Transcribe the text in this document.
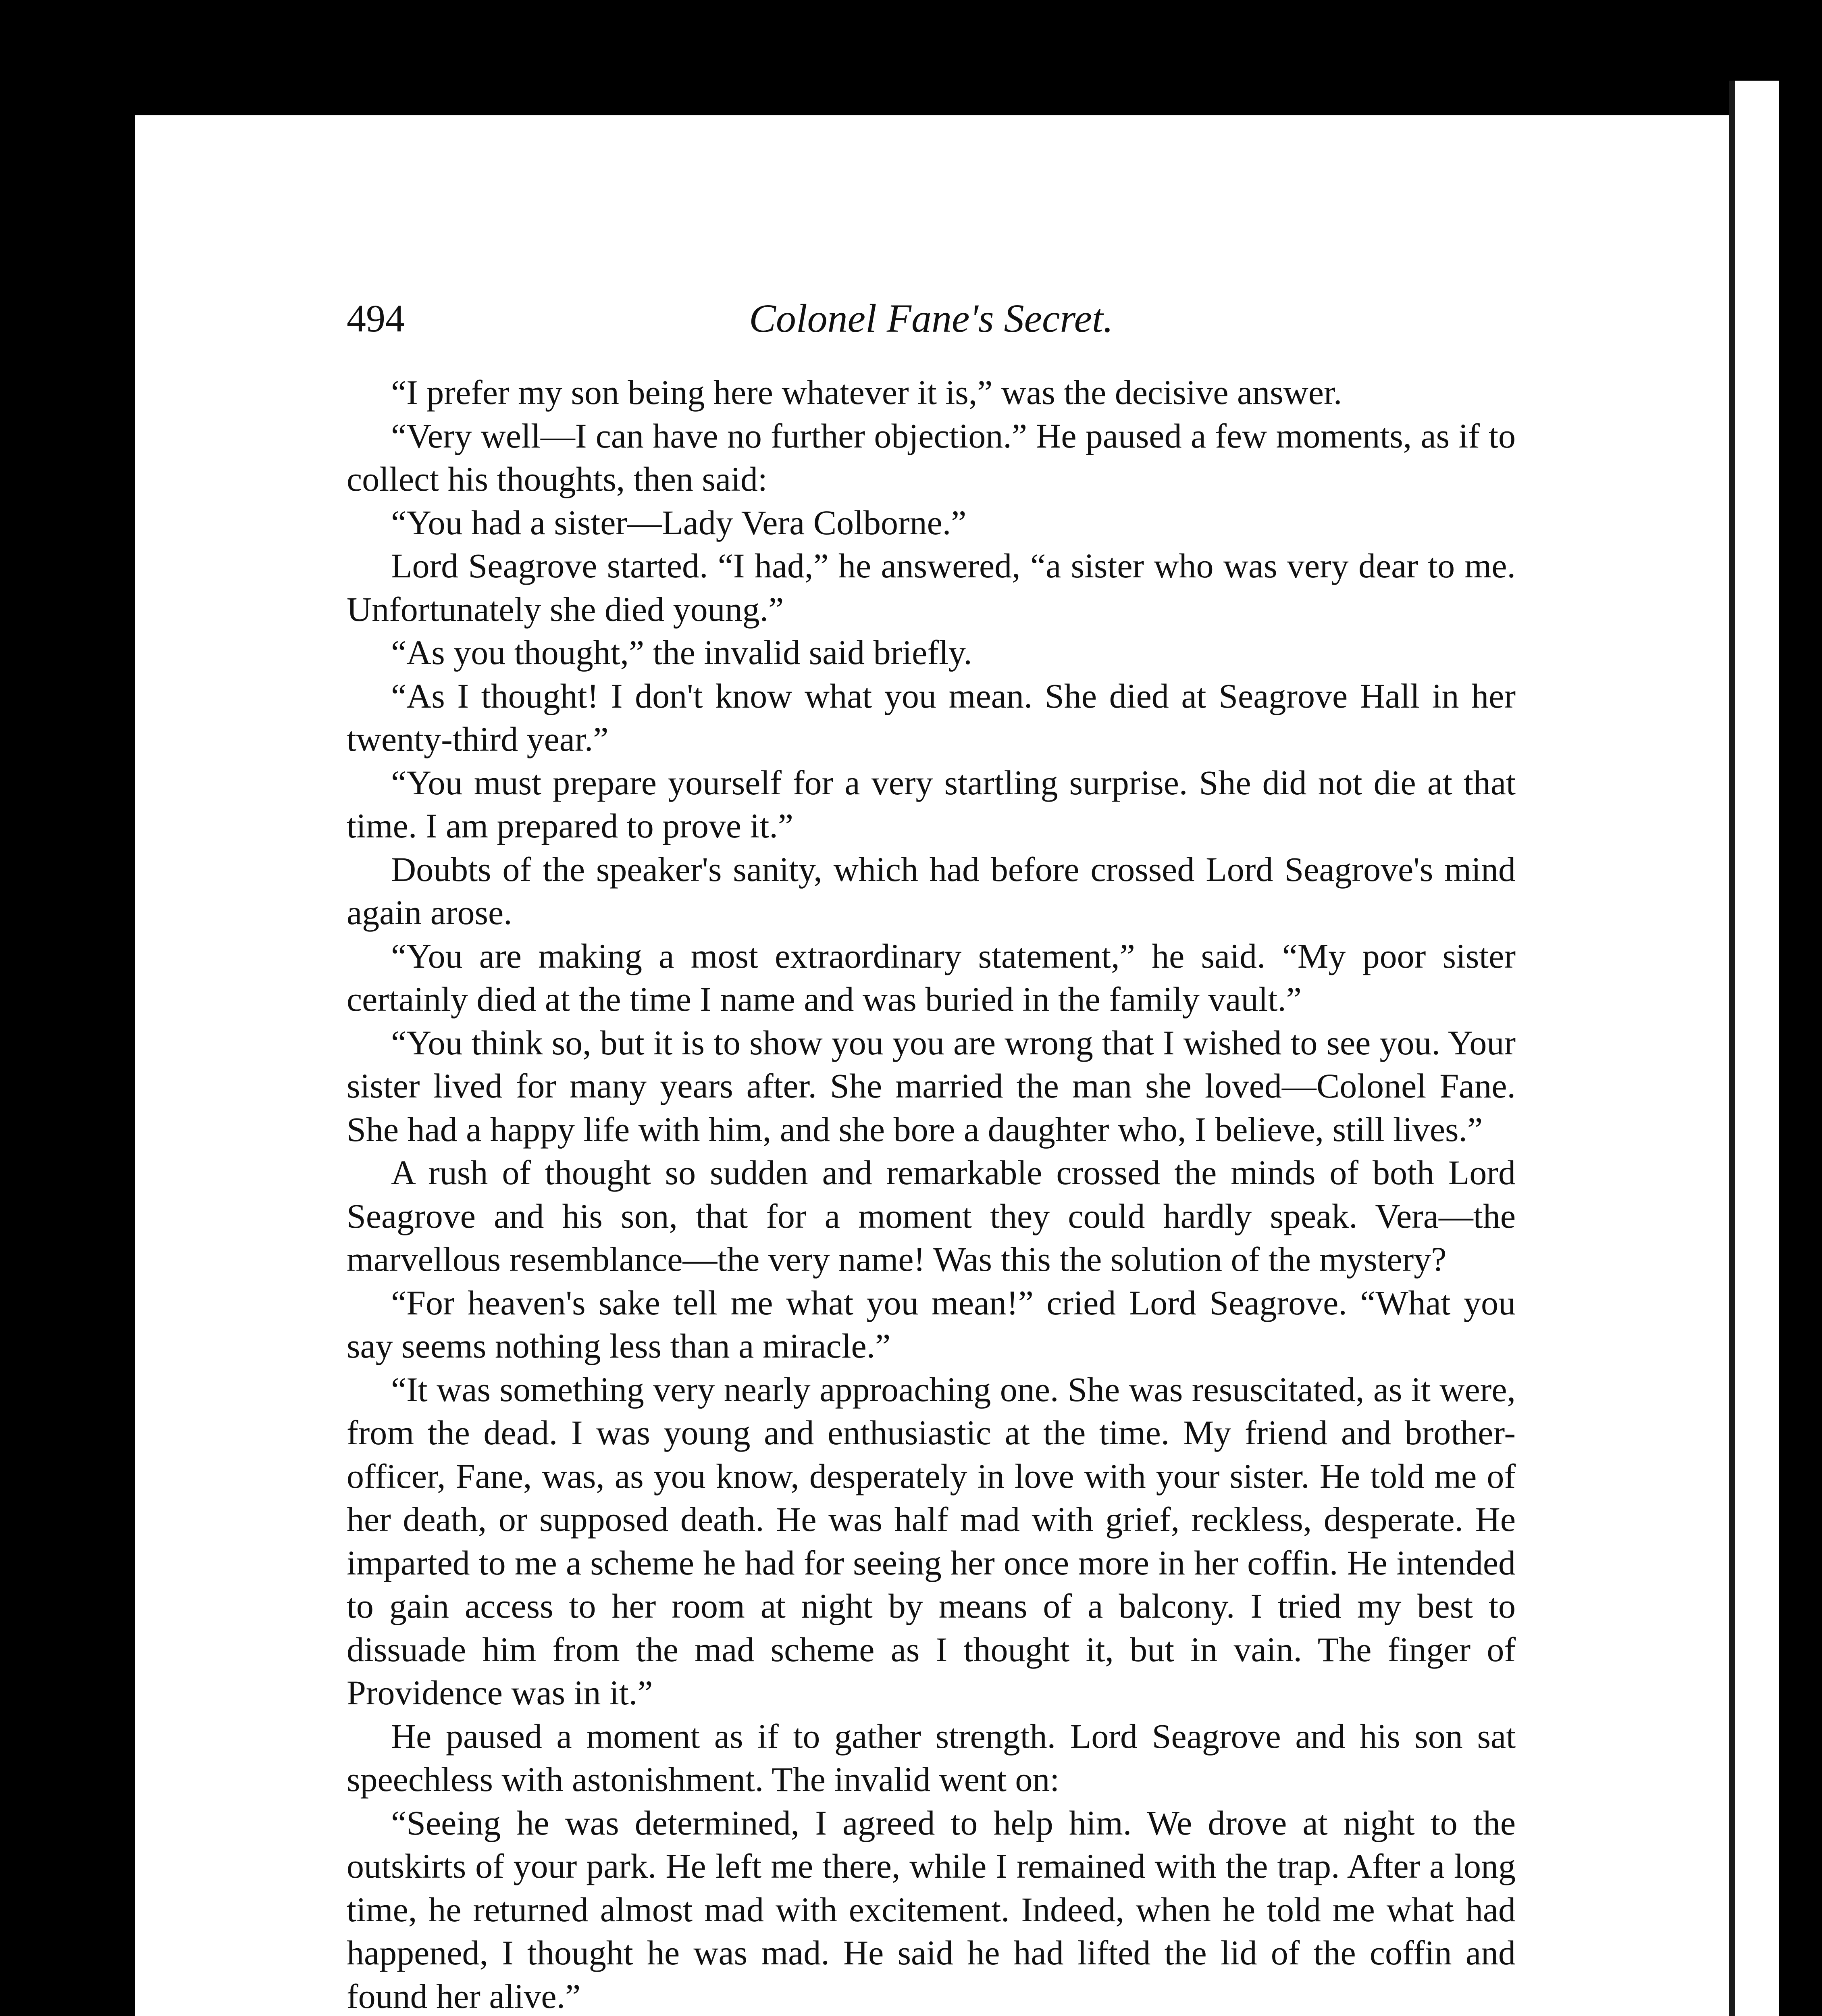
494	Colonel Fane's Secret.

“I prefer my son being here whatever it is,” was the decisive answer.

“Very well—I can have no further objection.” He paused a few moments, as if to collect his thoughts, then said:

“You had a sister—Lady Vera Colborne.”

Lord Seagrove started. “I had,” he answered, “a sister who was very dear to me. Unfortunately she died young.”

“As you thought,” the invalid said briefly.

“As I thought! I don't know what you mean. She died at Seagrove Hall in her twenty-third year.”

“You must prepare yourself for a very startling surprise. She did not die at that time. I am prepared to prove it.”

Doubts of the speaker's sanity, which had before crossed Lord Seagrove's mind again arose.

“You are making a most extraordinary statement,” he said. “My poor sister certainly died at the time I name and was buried in the family vault.”

“You think so, but it is to show you you are wrong that I wished to see you. Your sister lived for many years after. She married the man she loved—Colonel Fane. She had a happy life with him, and she bore a daughter who, I believe, still lives.”

A rush of thought so sudden and remarkable crossed the minds of both Lord Seagrove and his son, that for a moment they could hardly speak. Vera—the marvellous resemblance—the very name! Was this the solution of the mystery?

“For heaven's sake tell me what you mean!” cried Lord Seagrove. “What you say seems nothing less than a miracle.”

“It was something very nearly approaching one. She was resuscitated, as it were, from the dead. I was young and enthusiastic at the time. My friend and brother-officer, Fane, was, as you know, desperately in love with your sister. He told me of her death, or supposed death. He was half mad with grief, reckless, desperate. He imparted to me a scheme he had for seeing her once more in her coffin. He intended to gain access to her room at night by means of a balcony. I tried my best to dissuade him from the mad scheme as I thought it, but in vain. The finger of Providence was in it.”

He paused a moment as if to gather strength. Lord Seagrove and his son sat speechless with astonishment. The invalid went on:

“Seeing he was determined, I agreed to help him. We drove at night to the outskirts of your park. He left me there, while I remained with the trap. After a long time, he returned almost mad with excitement. Indeed, when he told me what had happened, I thought he was mad. He said he had lifted the lid of the coffin and found her alive.”
